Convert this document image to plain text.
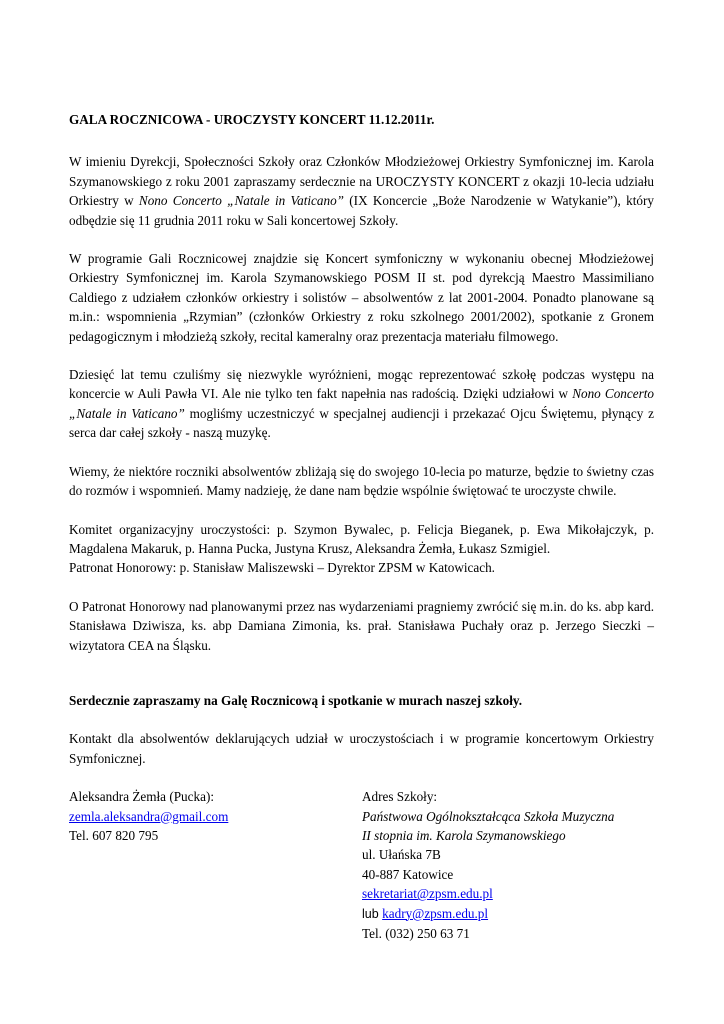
GALA ROCZNICOWA - UROCZYSTY KONCERT 11.12.2011r.
W imieniu Dyrekcji, Społeczności Szkoły oraz Członków Młodzieżowej Orkiestry Symfonicznej im. Karola Szymanowskiego z roku 2001 zapraszamy serdecznie na UROCZYSTY KONCERT z okazji 10-lecia udziału Orkiestry w Nono Concerto „Natale in Vaticano” (IX Koncercie „Boże Narodzenie w Watykanie”), który odbędzie się 11 grudnia 2011 roku w Sali koncertowej Szkoły.
W programie Gali Rocznicowej znajdzie się Koncert symfoniczny w wykonaniu obecnej Młodzieżowej Orkiestry Symfonicznej im. Karola Szymanowskiego POSM II st. pod dyrekcją Maestro Massimiliano Caldiego z udziałem członków orkiestry i solistów – absolwentów z lat 2001-2004. Ponadto planowane są m.in.: wspomnienia „Rzymian” (członków Orkiestry z roku szkolnego 2001/2002), spotkanie z Gronem pedagogicznym i młodzieżą szkoły, recital kameralny oraz prezentacja materiału filmowego.
Dziesięć lat temu czuliśmy się niezwykle wyróżnieni, mogąc reprezentować szkołę podczas występu na koncercie w Auli Pawła VI. Ale nie tylko ten fakt napełnia nas radością. Dzięki udziałowi w Nono Concerto „Natale in Vaticano” mogliśmy uczestniczyć w specjalnej audiencji i przekazać Ojcu Świętemu, płynący z serca dar całej szkoły - naszą muzykę.
Wiemy, że niektóre roczniki absolwentów zbliżają się do swojego 10-lecia po maturze, będzie to świetny czas do rozmów i wspomnień. Mamy nadzieję, że dane nam będzie wspólnie świętować te uroczyste chwile.
Komitet organizacyjny uroczystości: p. Szymon Bywalec, p. Felicja Bieganek, p. Ewa Mikołajczyk, p. Magdalena Makaruk, p. Hanna Pucka, Justyna Krusz, Aleksandra Żemła, Łukasz Szmigiel.
Patronat Honorowy: p. Stanisław Maliszewski – Dyrektor ZPSM w Katowicach.
O Patronat Honorowy nad planowanymi przez nas wydarzeniami pragniemy zwrócić się m.in. do ks. abp kard. Stanisława Dziwisza, ks. abp Damiana Zimonia, ks. prał. Stanisława Puchały oraz p. Jerzego Sieczki – wizytatora CEA na Śląsku.
Serdecznie zapraszamy na Galę Rocznicową i spotkanie w murach naszej szkoły.
Kontakt dla absolwentów deklarujących udział w uroczystościach i w programie koncertowym Orkiestry Symfonicznej.
Aleksandra Żemła (Pucka):
zemla.aleksandra@gmail.com
Tel. 607 820 795
Adres Szkoły:
Państwowa Ogólnokształcąca Szkoła Muzyczna
II stopnia im. Karola Szymanowskiego
ul. Ułańska 7B
40-887 Katowice
sekretariat@zpsm.edu.pl
lub kadry@zpsm.edu.pl
Tel. (032) 250 63 71
